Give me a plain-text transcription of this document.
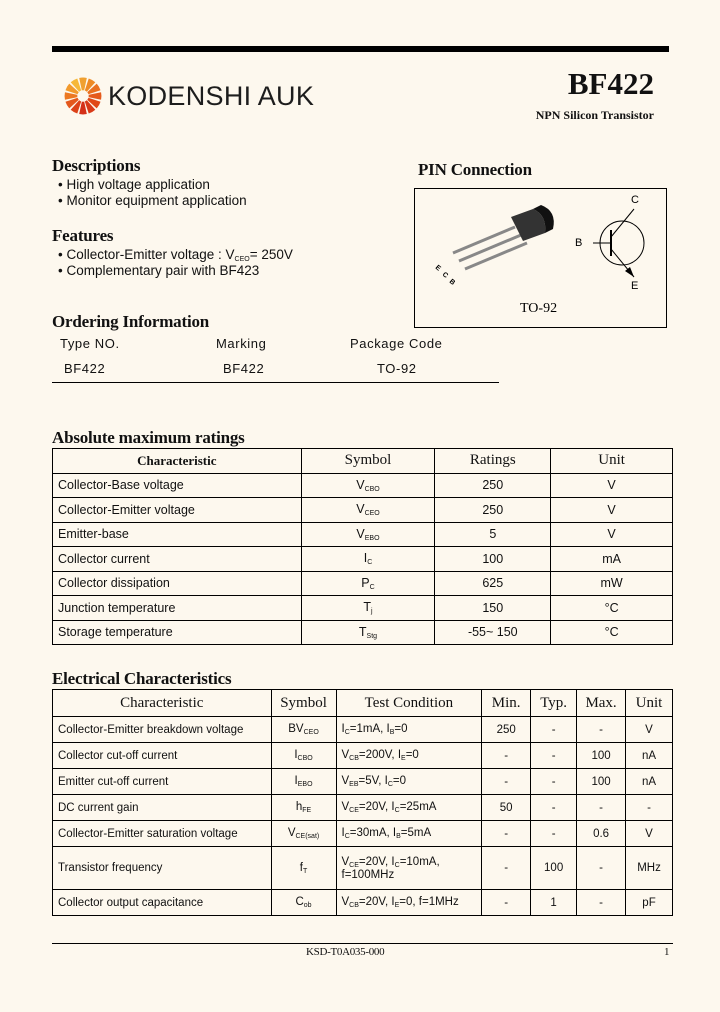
KODENSHI AUK	BF422
NPN Silicon Transistor
Descriptions
• High voltage application
• Monitor equipment application
Features
• Collector-Emitter voltage : $V_{CEO}= 250V$
• Complementary pair with BF423
PIN Connection
E
C
B
C
B
E
TO-92
Ordering Information
Type NO.	Marking	Package Code
BF422	BF422	TO-92
Absolute maximum ratings
Characteristic	Symbol	Ratings	Unit
Collector-Base voltage	$V_{CBO}$	250	V
Collector-Emitter voltage	$V_{CEO}$	250	V
Emitter-base	$V_{EBO}$	5	V
Collector current	$I_C$	100	mA
Collector dissipation	$P_C$	625	mW
Junction temperature	$T_j$	150	°C
Storage temperature	$T_{Stg}$	-55~ 150	°C
Electrical Characteristics
Characteristic	Symbol	Test Condition	Min.	Typ.	Max.	Unit
Collector-Emitter breakdown voltage	$BV_{CEO}$	$I_C=1mA$, $I_B=0$	250	-	-	V
Collector cut-off current	$I_{CBO}$	$V_{CB}=200V$, $I_E=0$	-	-	100	nA
Emitter cut-off current	$I_{EBO}$	$V_{EB}=5V$, $I_C=0$	-	-	100	nA
DC current gain	$h_{FE}$	$V_{CE}=20V$, $I_C=25mA$	50	-	-	-
Collector-Emitter saturation voltage	$V_{CE(sat)}$	$I_C=30mA$, $I_B=5mA$	-	-	0.6	V
Transistor frequency	$f_T$	$V_{CE}=20V$, $I_C=10mA$, f=100MHz	-	100	-	MHz
Collector output capacitance	$C_{ob}$	$V_{CB}=20V$, $I_E=0$, f=1MHz	-	1	-	pF
KSD-T0A035-000	1
